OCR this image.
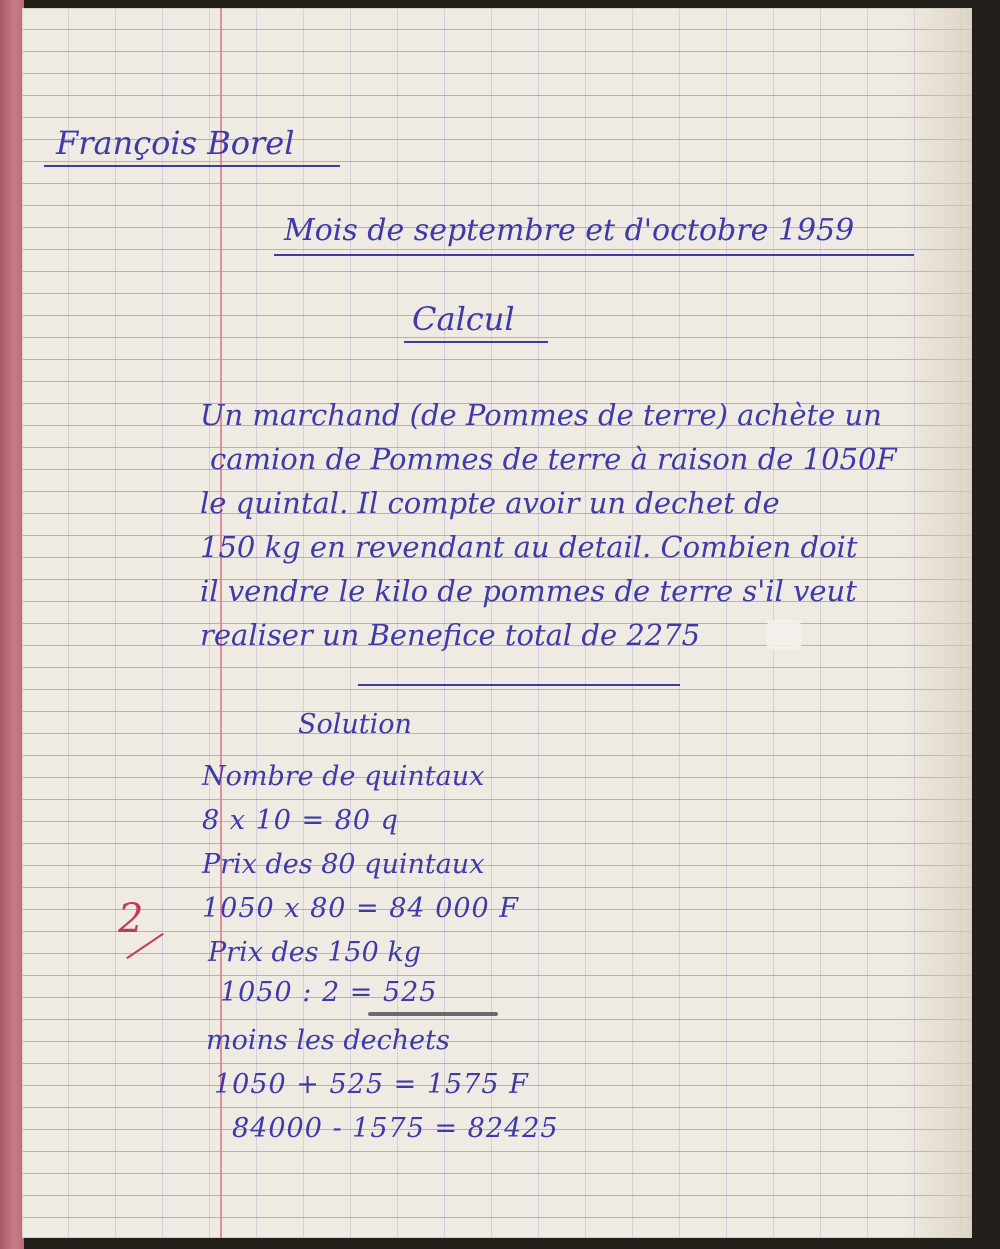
François Borel

Mois de septembre et d'octobre 1959

Calcul

Un marchand (de Pommes de terre) achète un

camion de Pommes de terre à raison de 1050F

le quintal. Il compte avoir un dechet de

150 kg en revendant au detail. Combien doit

il vendre le kilo de pommes de terre s'il veut

realiser un Benefice total de 2275

Solution

Nombre de quintaux

8 x 10 = 80 q

Prix des 80 quintaux

1050 x 80 = 84 000 F

Prix des 150 kg

1050 : 2 = 525

moins les dechets

1050 + 525 = 1575 F

84000 - 1575 = 82425

2
